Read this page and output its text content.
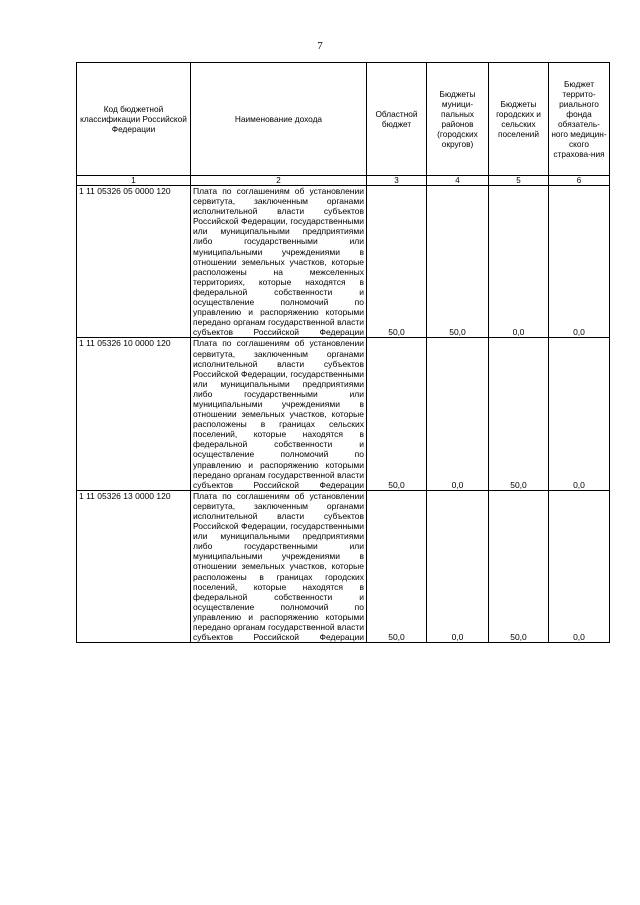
7
Код бюджетной классификации Российской Федерации	Наименование дохода	Областной бюджет	Бюджеты муници-пальных районов (городских округов)	Бюджеты городских и сельских поселений	Бюджет террито-риального фонда обязатель-ного медицин-ского страхова-ния
1	2	3	4	5	6
1 11 05326 05 0000 120	Плата по соглашениям об установлении сервитута, заключенным органами исполнительной власти субъектов Российской Федерации, государственными или муниципальными предприятиями либо государственными или муниципальными учреждениями в отношении земельных участков, которые расположены на межселенных территориях, которые находятся в федеральной собственности и осуществление полномочий по управлению и распоряжению которыми передано органам государственной власти субъектов Российской Федерации	50,0	50,0	0,0	0,0
1 11 05326 10 0000 120	Плата по соглашениям об установлении сервитута, заключенным органами исполнительной власти субъектов Российской Федерации, государственными или муниципальными предприятиями либо государственными или муниципальными учреждениями в отношении земельных участков, которые расположены в границах сельских поселений, которые находятся в федеральной собственности и осуществление полномочий по управлению и распоряжению которыми передано органам государственной власти субъектов Российской Федерации	50,0	0,0	50,0	0,0
1 11 05326 13 0000 120	Плата по соглашениям об установлении сервитута, заключенным органами исполнительной власти субъектов Российской Федерации, государственными или муниципальными предприятиями либо государственными или муниципальными учреждениями в отношении земельных участков, которые расположены в границах городских поселений, которые находятся в федеральной собственности и осуществление полномочий по управлению и распоряжению которыми передано органам государственной власти субъектов Российской Федерации	50,0	0,0	50,0	0,0
